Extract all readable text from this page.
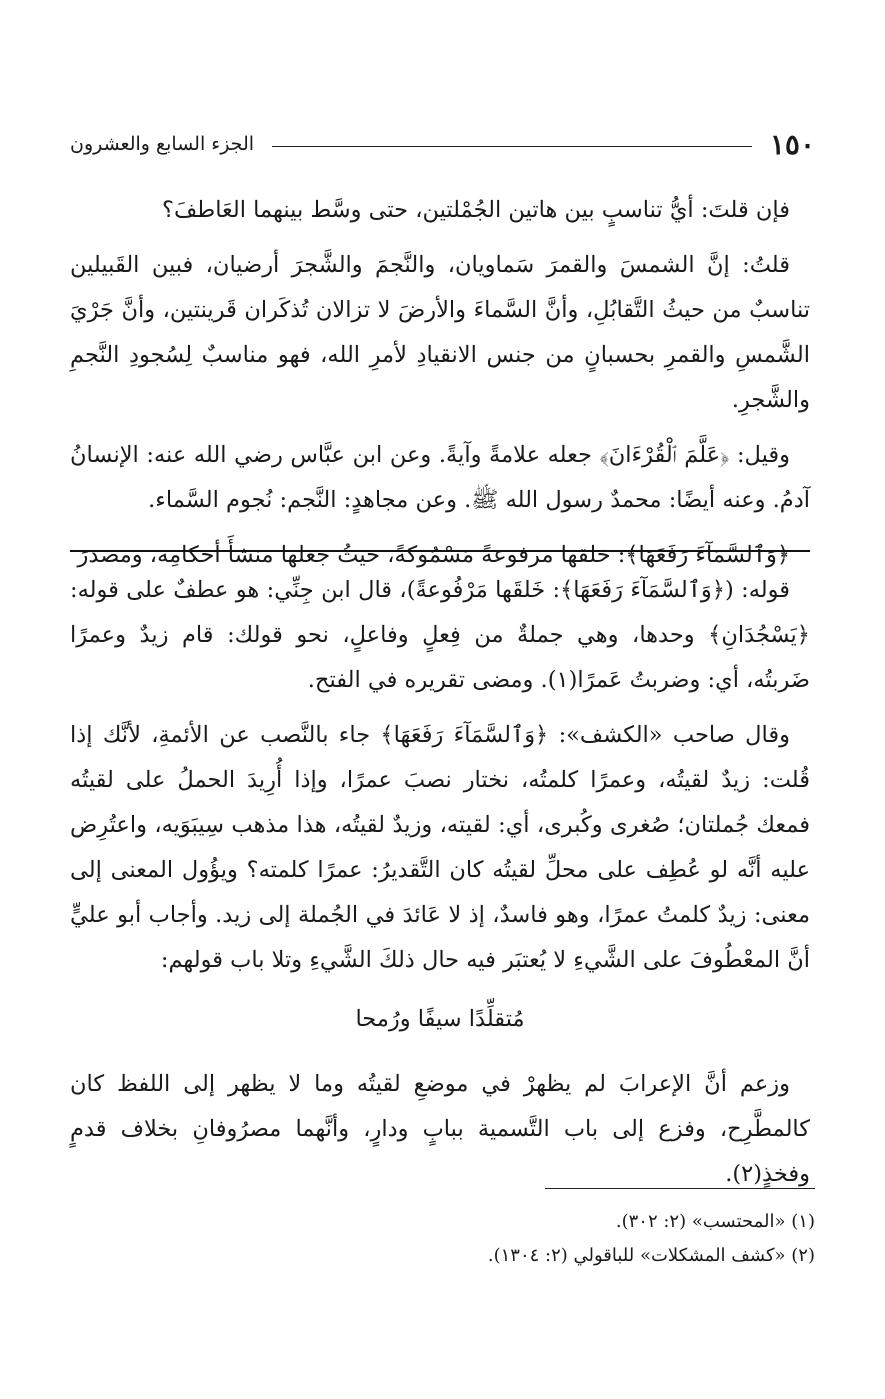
١٥٠
الجزء السابع والعشرون

فإن قلتَ: أيُّ تناسبٍ بين هاتين الجُمْلتين، حتى وسَّط بينهما العَاطفَ؟

قلتُ: إنَّ الشمسَ والقمرَ سَماويان، والنَّجمَ والشَّجرَ أرضيان، فبين القَبيلين تناسبٌ من حيثُ التَّقابُلِ، وأنَّ السَّماءَ والأرضَ لا تزالان تُذكَران قَرينتين، وأنَّ جَرْيَ الشَّمسِ والقمرِ بحسبانٍ من جنس الانقيادِ لأمرِ الله، فهو مناسبٌ لِسُجودِ النَّجمِ والشَّجرِ.

وقيل: ﴿عَلَّمَ ٱلْقُرْءَانَ﴾ جعله علامةً وآيةً. وعن ابن عبَّاس رضي الله عنه: الإنسانُ آدمُ. وعنه أيضًا: محمدٌ رسول الله ﷺ. وعن مجاهدٍ: النَّجم: نُجوم السَّماء.

﴿وَٱلسَّمَآءَ رَفَعَهَا﴾: خلقها مرفوعةً مَسْمُوكةً، حيثُ جعلها منشأَ أحكامِه، ومصدرَ

قوله: (﴿وَٱلسَّمَآءَ رَفَعَهَا﴾: خَلقَها مَرْفُوعةً)، قال ابن جِنِّي: هو عطفٌ على قوله: ﴿يَسْجُدَانِ﴾ وحدها، وهي جملةٌ من فِعلٍ وفاعلٍ، نحو قولك: قام زيدٌ وعمرًا ضَربتُه، أي: وضربتُ عَمرًا(١). ومضى تقريره في الفتح.

وقال صاحب «الكشف»: ﴿وَٱلسَّمَآءَ رَفَعَهَا﴾ جاء بالنَّصب عن الأئمةِ، لأنَّك إذا قُلت: زيدٌ لقيتُه، وعمرًا كلمتُه، نختار نصبَ عمرًا، وإذا أُرِيدَ الحملُ على لقيتُه فمعك جُملتان؛ صُغرى وكُبرى، أي: لقيته، وزيدٌ لقيتُه، هذا مذهب سِيبَوَيه، واعتُرِض عليه أنَّه لو عُطِف على محلِّ لقيتُه كان التَّقديرُ: عمرًا كلمته؟ ويؤُول المعنى إلى معنى: زيدٌ كلمتُ عمرًا، وهو فاسدٌ، إذ لا عَائدَ في الجُملة إلى زيد. وأجاب أبو عليٍّ أنَّ المعْطُوفَ على الشَّيءِ لا يُعتبَر فيه حال ذلكَ الشَّيءِ وتلا باب قولهم:

مُتقلِّدًا سيفًا ورُمحا

وزعم أنَّ الإعرابَ لم يظهرْ في موضعِ لقيتُه وما لا يظهر إلى اللفظ كان كالمطَّرِح، وفزع إلى باب التَّسمية ببابٍ ودارٍ، وأنَّهما مصرُوفانِ بخلاف قدمٍ وفخذٍ(٢).

(١) «المحتسب» (٢: ٣٠٢).

(٢) «كشف المشكلات» للباقولي (٢: ١٣٠٤).
